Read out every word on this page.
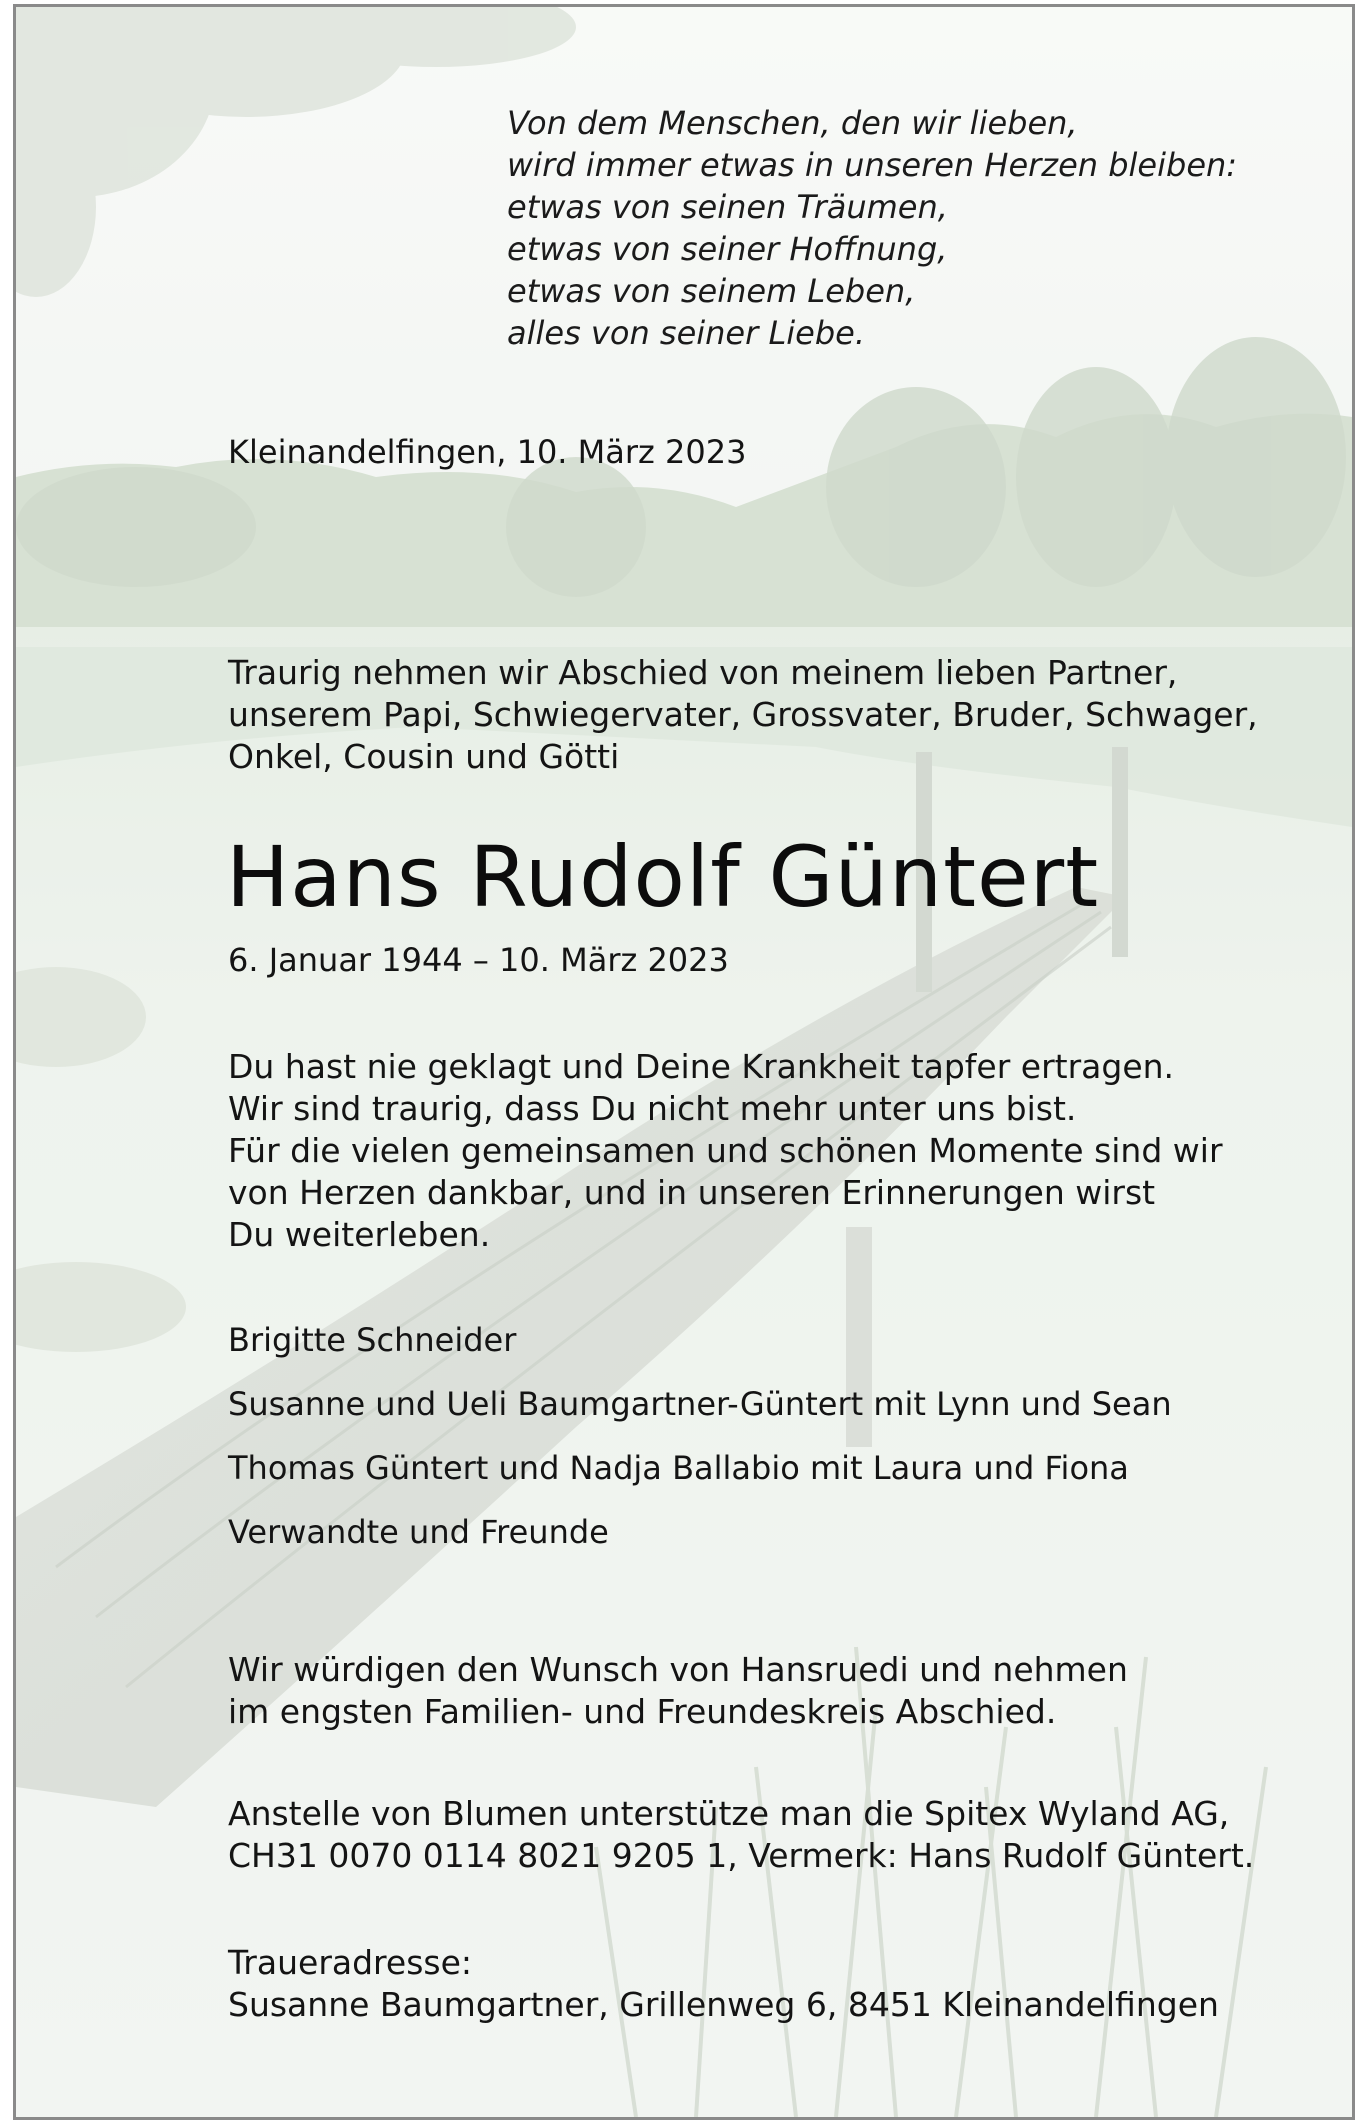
Von dem Menschen, den wir lieben,
wird immer etwas in unseren Herzen bleiben:
etwas von seinen Träumen,
etwas von seiner Hoffnung,
etwas von seinem Leben,
alles von seiner Liebe.
Kleinandelfingen, 10. März 2023
Traurig nehmen wir Abschied von meinem lieben Partner,
unserem Papi, Schwiegervater, Grossvater, Bruder, Schwager,
Onkel, Cousin und Götti
Hans Rudolf Güntert
6. Januar 1944 – 10. März 2023
Du hast nie geklagt und Deine Krankheit tapfer ertragen.
Wir sind traurig, dass Du nicht mehr unter uns bist.
Für die vielen gemeinsamen und schönen Momente sind wir
von Herzen dankbar, und in unseren Erinnerungen wirst
Du weiterleben.
Brigitte Schneider
Susanne und Ueli Baumgartner-Güntert mit Lynn und Sean
Thomas Güntert und Nadja Ballabio mit Laura und Fiona
Verwandte und Freunde
Wir würdigen den Wunsch von Hansruedi und nehmen
im engsten Familien- und Freundeskreis Abschied.
Anstelle von Blumen unterstütze man die Spitex Wyland AG,
CH31 0070 0114 8021 9205 1, Vermerk: Hans Rudolf Güntert.
Traueradresse:
Susanne Baumgartner, Grillenweg 6, 8451 Kleinandelfingen
